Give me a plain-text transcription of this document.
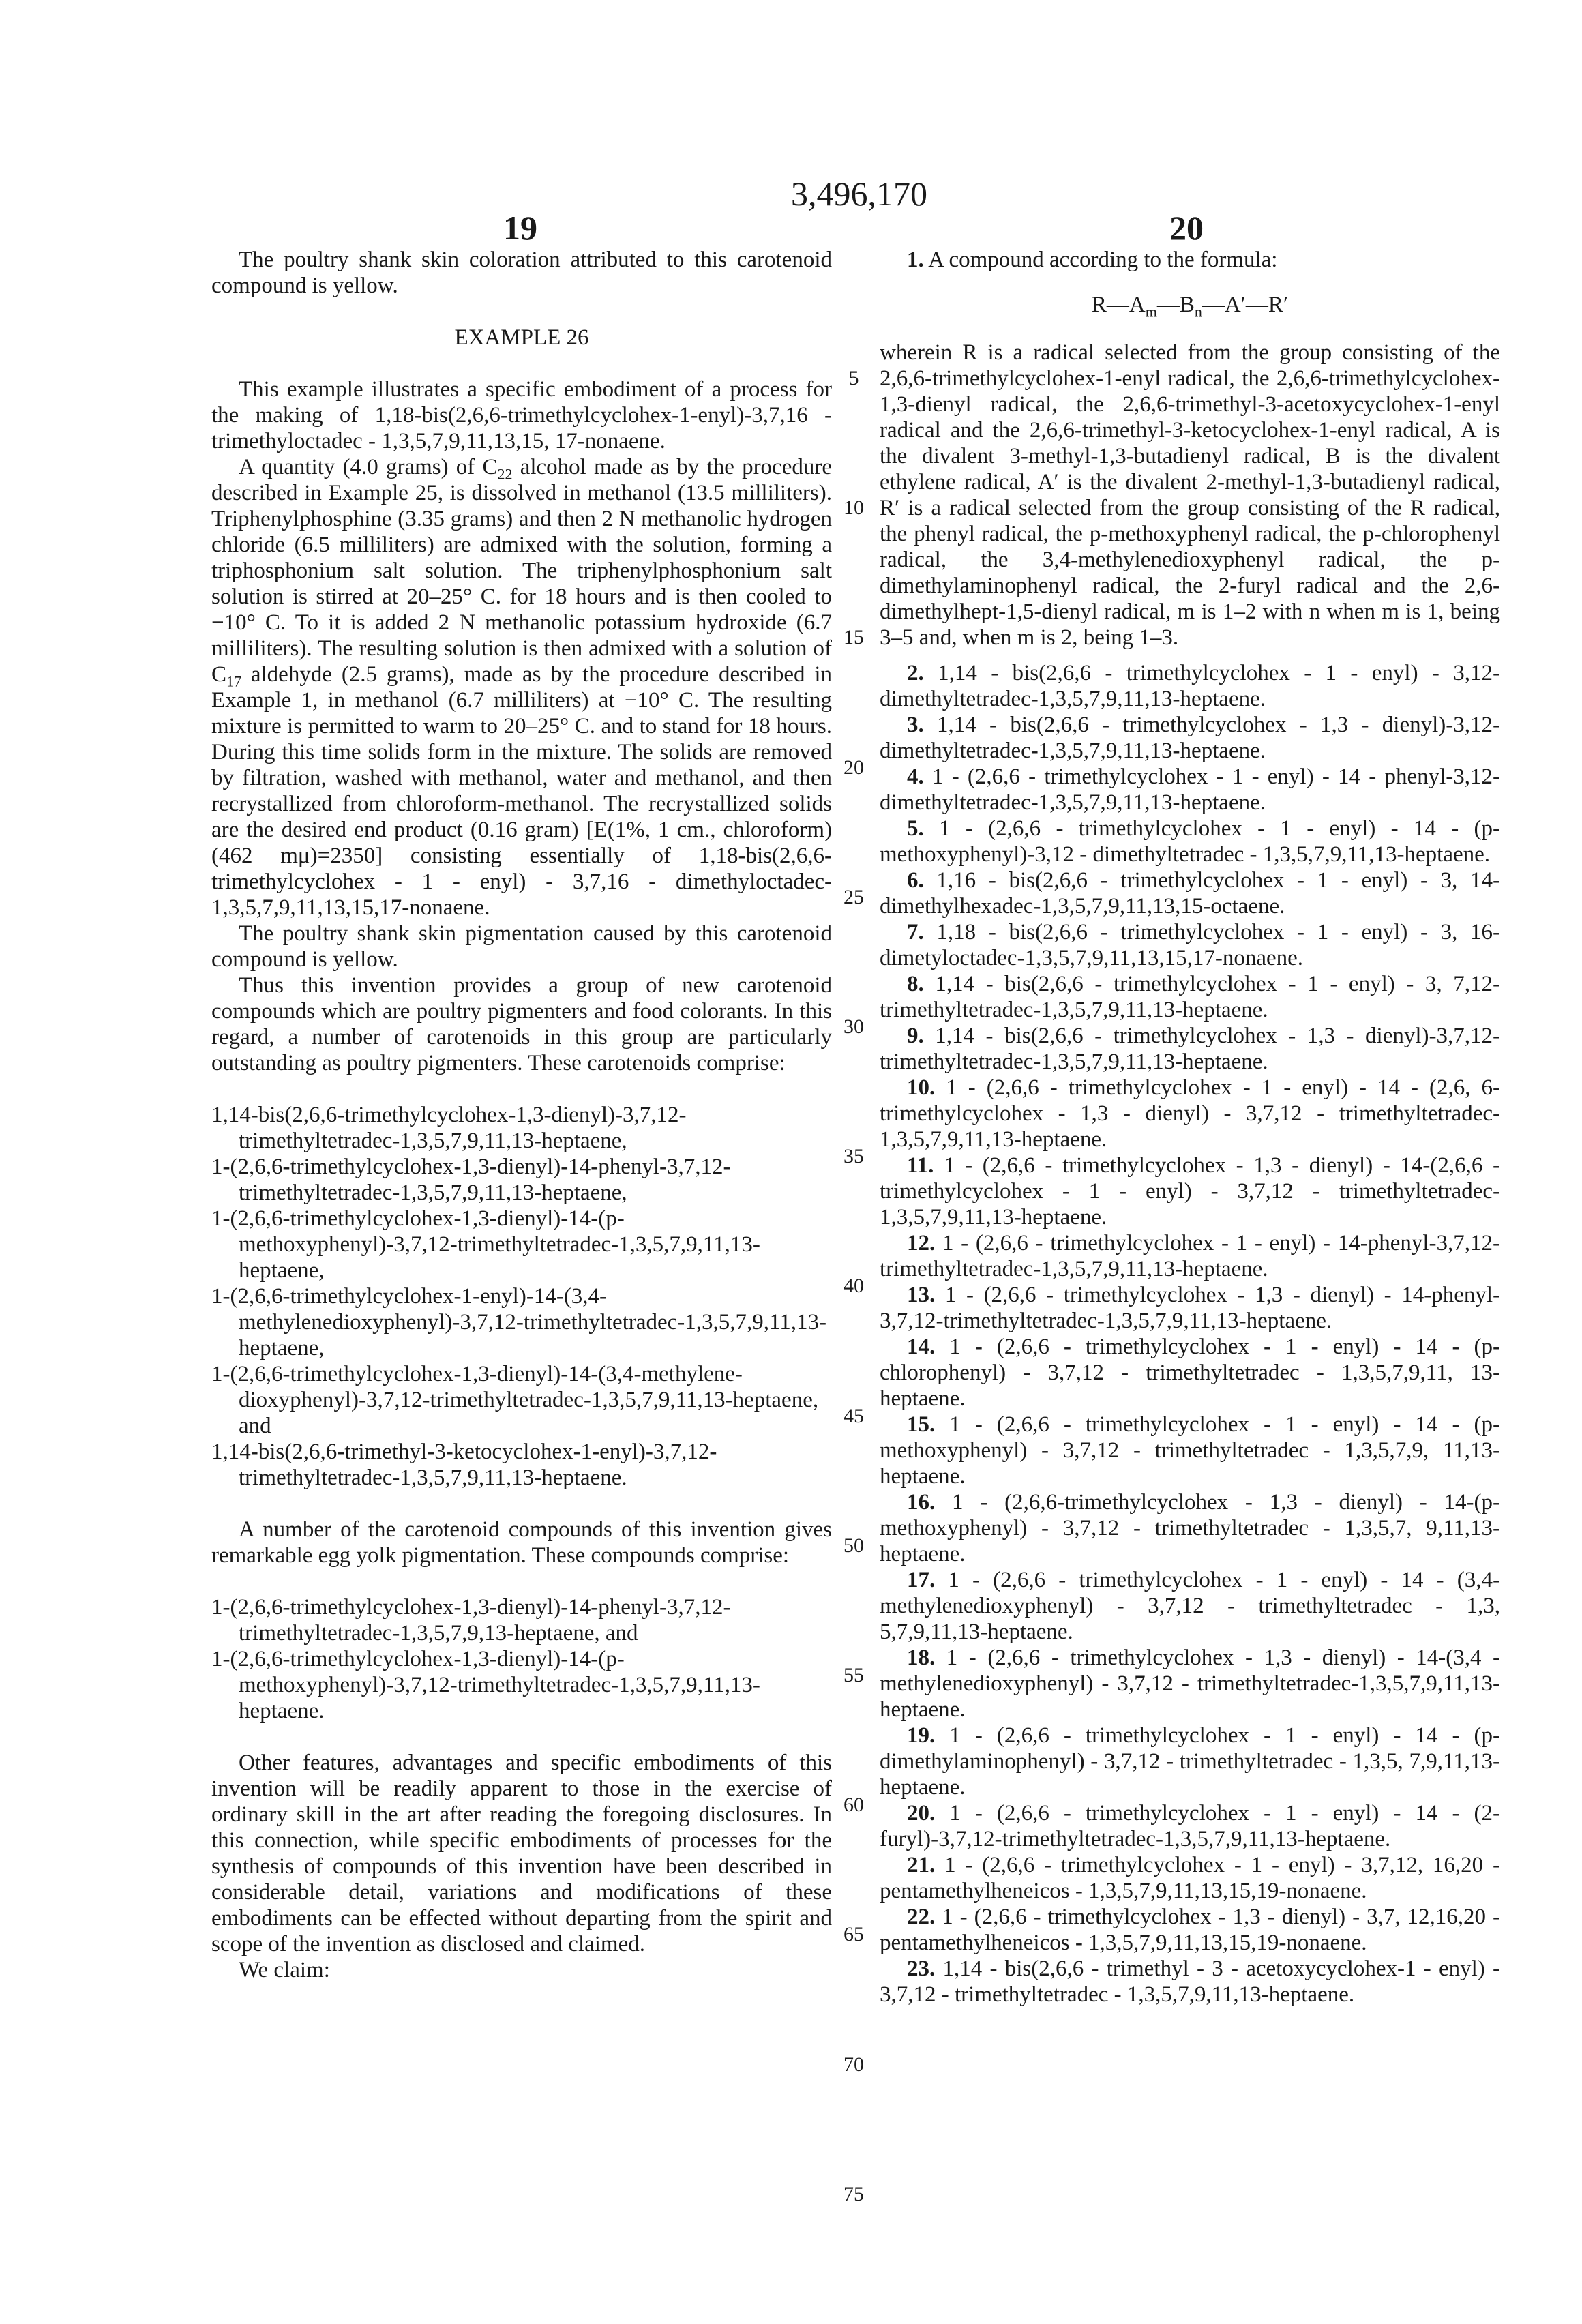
3,496,170
19	20

The poultry shank skin coloration attributed to this carotenoid compound is yellow.

EXAMPLE 26

This example illustrates a specific embodiment of a process for the making of 1,18-bis(2,6,6-trimethylcyclohex-1-enyl)-3,7,16 - trimethyloctadec - 1,3,5,7,9,11,13,15, 17-nonaene.

A quantity (4.0 grams) of C22 alcohol made as by the procedure described in Example 25, is dissolved in methanol (13.5 milliliters). Triphenylphosphine (3.35 grams) and then 2 N methanolic hydrogen chloride (6.5 milliliters) are admixed with the solution, forming a triphosphonium salt solution. The triphenylphosphonium salt solution is stirred at 20–25° C. for 18 hours and is then cooled to −10° C. To it is added 2 N methanolic potassium hydroxide (6.7 milliliters). The resulting solution is then admixed with a solution of C17 aldehyde (2.5 grams), made as by the procedure described in Example 1, in methanol (6.7 milliliters) at −10° C. The resulting mixture is permitted to warm to 20–25° C. and to stand for 18 hours. During this time solids form in the mixture. The solids are removed by filtration, washed with methanol, water and methanol, and then recrystallized from chloroform-methanol. The recrystallized solids are the desired end product (0.16 gram) [E(1%, 1 cm., chloroform) (462 mμ)=2350] consisting essentially of 1,18-bis(2,6,6-trimethylcyclohex - 1 - enyl) - 3,7,16 - dimethyloctadec-1,3,5,7,9,11,13,15,17-nonaene.

The poultry shank skin pigmentation caused by this carotenoid compound is yellow.

Thus this invention provides a group of new carotenoid compounds which are poultry pigmenters and food colorants. In this regard, a number of carotenoids in this group are particularly outstanding as poultry pigmenters. These carotenoids comprise:

1,14-bis(2,6,6-trimethylcyclohex-1,3-dienyl)-3,7,12-trimethyltetradec-1,3,5,7,9,11,13-heptaene,

1-(2,6,6-trimethylcyclohex-1,3-dienyl)-14-phenyl-3,7,12-trimethyltetradec-1,3,5,7,9,11,13-heptaene,

1-(2,6,6-trimethylcyclohex-1,3-dienyl)-14-(p-methoxyphenyl)-3,7,12-trimethyltetradec-1,3,5,7,9,11,13-heptaene,

1-(2,6,6-trimethylcyclohex-1-enyl)-14-(3,4-methylenedioxyphenyl)-3,7,12-trimethyltetradec-1,3,5,7,9,11,13-heptaene,

1-(2,6,6-trimethylcyclohex-1,3-dienyl)-14-(3,4-methylene-dioxyphenyl)-3,7,12-trimethyltetradec-1,3,5,7,9,11,13-heptaene, and

1,14-bis(2,6,6-trimethyl-3-ketocyclohex-1-enyl)-3,7,12-trimethyltetradec-1,3,5,7,9,11,13-heptaene.

A number of the carotenoid compounds of this invention gives remarkable egg yolk pigmentation. These compounds comprise:

1-(2,6,6-trimethylcyclohex-1,3-dienyl)-14-phenyl-3,7,12-trimethyltetradec-1,3,5,7,9,13-heptaene, and

1-(2,6,6-trimethylcyclohex-1,3-dienyl)-14-(p-methoxyphenyl)-3,7,12-trimethyltetradec-1,3,5,7,9,11,13-heptaene.

Other features, advantages and specific embodiments of this invention will be readily apparent to those in the exercise of ordinary skill in the art after reading the foregoing disclosures. In this connection, while specific embodiments of processes for the synthesis of compounds of this invention have been described in considerable detail, variations and modifications of these embodiments can be effected without departing from the spirit and scope of the invention as disclosed and claimed.

We claim:

1. A compound according to the formula:

R—Am—Bn—A′—R′

wherein R is a radical selected from the group consisting of the 2,6,6-trimethylcyclohex-1-enyl radical, the 2,6,6-trimethylcyclohex-1,3-dienyl radical, the 2,6,6-trimethyl-3-acetoxycyclohex-1-enyl radical and the 2,6,6-trimethyl-3-ketocyclohex-1-enyl radical, A is the divalent 3-methyl-1,3-butadienyl radical, B is the divalent ethylene radical, A′ is the divalent 2-methyl-1,3-butadienyl radical, R′ is a radical selected from the group consisting of the R radical, the phenyl radical, the p-methoxyphenyl radical, the p-chlorophenyl radical, the 3,4-methylenedioxyphenyl radical, the p-dimethylaminophenyl radical, the 2-furyl radical and the 2,6-dimethylhept-1,5-dienyl radical, m is 1–2 with n when m is 1, being 3–5 and, when m is 2, being 1–3.

2. 1,14 - bis(2,6,6 - trimethylcyclohex - 1 - enyl) - 3,12-dimethyltetradec-1,3,5,7,9,11,13-heptaene.

3. 1,14 - bis(2,6,6 - trimethylcyclohex - 1,3 - dienyl)-3,12-dimethyltetradec-1,3,5,7,9,11,13-heptaene.

4. 1 - (2,6,6 - trimethylcyclohex - 1 - enyl) - 14 - phenyl-3,12-dimethyltetradec-1,3,5,7,9,11,13-heptaene.

5. 1 - (2,6,6 - trimethylcyclohex - 1 - enyl) - 14 - (p-methoxyphenyl)-3,12 - dimethyltetradec - 1,3,5,7,9,11,13-heptaene.

6. 1,16 - bis(2,6,6 - trimethylcyclohex - 1 - enyl) - 3, 14-dimethylhexadec-1,3,5,7,9,11,13,15-octaene.

7. 1,18 - bis(2,6,6 - trimethylcyclohex - 1 - enyl) - 3, 16-dimetyloctadec-1,3,5,7,9,11,13,15,17-nonaene.

8. 1,14 - bis(2,6,6 - trimethylcyclohex - 1 - enyl) - 3, 7,12-trimethyltetradec-1,3,5,7,9,11,13-heptaene.

9. 1,14 - bis(2,6,6 - trimethylcyclohex - 1,3 - dienyl)-3,7,12-trimethyltetradec-1,3,5,7,9,11,13-heptaene.

10. 1 - (2,6,6 - trimethylcyclohex - 1 - enyl) - 14 - (2,6, 6-trimethylcyclohex - 1,3 - dienyl) - 3,7,12 - trimethyltetradec-1,3,5,7,9,11,13-heptaene.

11. 1 - (2,6,6 - trimethylcyclohex - 1,3 - dienyl) - 14-(2,6,6 - trimethylcyclohex - 1 - enyl) - 3,7,12 - trimethyltetradec-1,3,5,7,9,11,13-heptaene.

12. 1 - (2,6,6 - trimethylcyclohex - 1 - enyl) - 14-phenyl-3,7,12-trimethyltetradec-1,3,5,7,9,11,13-heptaene.

13. 1 - (2,6,6 - trimethylcyclohex - 1,3 - dienyl) - 14-phenyl-3,7,12-trimethyltetradec-1,3,5,7,9,11,13-heptaene.

14. 1 - (2,6,6 - trimethylcyclohex - 1 - enyl) - 14 - (p-chlorophenyl) - 3,7,12 - trimethyltetradec - 1,3,5,7,9,11, 13-heptaene.

15. 1 - (2,6,6 - trimethylcyclohex - 1 - enyl) - 14 - (p-methoxyphenyl) - 3,7,12 - trimethyltetradec - 1,3,5,7,9, 11,13-heptaene.

16. 1 - (2,6,6-trimethylcyclohex - 1,3 - dienyl) - 14-(p-methoxyphenyl) - 3,7,12 - trimethyltetradec - 1,3,5,7, 9,11,13-heptaene.

17. 1 - (2,6,6 - trimethylcyclohex - 1 - enyl) - 14 - (3,4-methylenedioxyphenyl) - 3,7,12 - trimethyltetradec - 1,3, 5,7,9,11,13-heptaene.

18. 1 - (2,6,6 - trimethylcyclohex - 1,3 - dienyl) - 14-(3,4 - methylenedioxyphenyl) - 3,7,12 - trimethyltetradec-1,3,5,7,9,11,13-heptaene.

19. 1 - (2,6,6 - trimethylcyclohex - 1 - enyl) - 14 - (p-dimethylaminophenyl) - 3,7,12 - trimethyltetradec - 1,3,5, 7,9,11,13-heptaene.

20. 1 - (2,6,6 - trimethylcyclohex - 1 - enyl) - 14 - (2-furyl)-3,7,12-trimethyltetradec-1,3,5,7,9,11,13-heptaene.

21. 1 - (2,6,6 - trimethylcyclohex - 1 - enyl) - 3,7,12, 16,20 - pentamethylheneicos - 1,3,5,7,9,11,13,15,19-nonaene.

22. 1 - (2,6,6 - trimethylcyclohex - 1,3 - dienyl) - 3,7, 12,16,20 - pentamethylheneicos - 1,3,5,7,9,11,13,15,19-nonaene.

23. 1,14 - bis(2,6,6 - trimethyl - 3 - acetoxycyclohex-1 - enyl) - 3,7,12 - trimethyltetradec - 1,3,5,7,9,11,13-heptaene.

5
10
15
20
25
30
35
40
45
50
55
60
65
70
75
